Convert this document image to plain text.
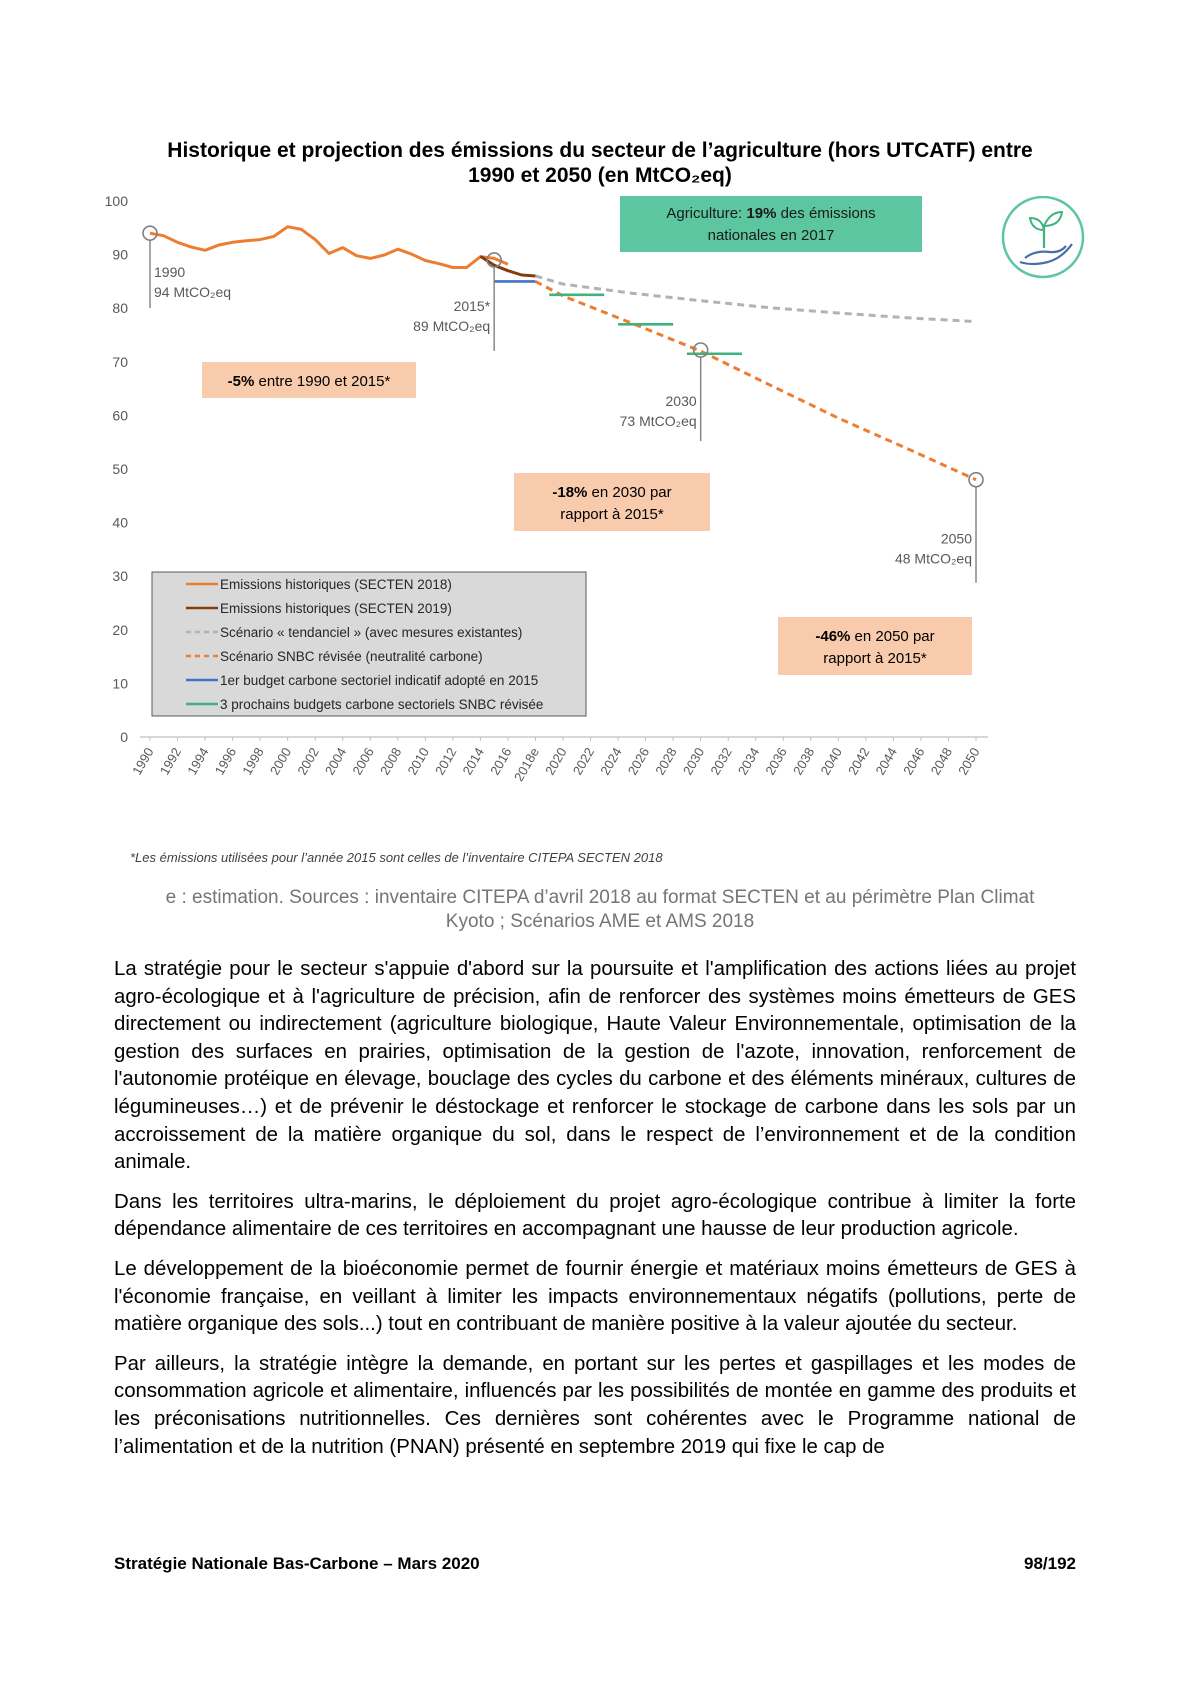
Historique et projection des émissions du secteur de l’agriculture (hors UTCATF) entre
1990 et 2050 (en MtCO₂eq)
0
10
20
30
40
50
60
70
80
90
100
1990 1992 1994 1996 1998 2000 2002 2004 2006 2008 2010 2012 2014 2016
2018e 2020 2022 2024 2026 2028 2030 2032 2034 2036 2038 2040 2042 2044 2046 2048 2050
Emissions historiques (SECTEN 2018)
Emissions historiques (SECTEN 2019)
Scénario « tendanciel » (avec mesures existantes)
Scénario SNBC révisée (neutralité carbone)
1er budget carbone sectoriel indicatif adopté en 2015
3 prochains budgets carbone sectoriels SNBC révisée
1990
94 MtCO₂eq
2015*
89 MtCO₂eq
2030
73 MtCO₂eq
2050
48 MtCO₂eq
-5% entre 1990 et 2015*
-18% en 2030 par
rapport à 2015*
-46% en 2050 par
rapport à 2015*
Agriculture: 19% des émissions
nationales en 2017
*Les émissions utilisées pour l’année 2015 sont celles de l’inventaire CITEPA SECTEN 2018
e : estimation. Sources : inventaire CITEPA d’avril 2018 au format SECTEN et au périmètre Plan Climat
Kyoto ; Scénarios AME et AMS 2018

La stratégie pour le secteur s'appuie d'abord sur la poursuite et l'amplification des actions liées au projet agro-écologique et à l'agriculture de précision, afin de renforcer des systèmes moins émetteurs de GES directement ou indirectement (agriculture biologique, Haute Valeur Environnementale, optimisation de la gestion des surfaces en prairies, optimisation de la gestion de l'azote, innovation, renforcement de l'autonomie protéique en élevage, bouclage des cycles du carbone et des éléments minéraux, cultures de légumineuses…) et de prévenir le déstockage et renforcer le stockage de carbone dans les sols par un accroissement de la matière organique du sol, dans le respect de l’environnement et de la condition animale.

Dans les territoires ultra-marins, le déploiement du projet agro-écologique contribue à limiter la forte dépendance alimentaire de ces territoires en accompagnant une hausse de leur production agricole.

Le développement de la bioéconomie permet de fournir énergie et matériaux moins émetteurs de GES à l'économie française, en veillant à limiter les impacts environnementaux négatifs (pollutions, perte de matière organique des sols...) tout en contribuant de manière positive à la valeur ajoutée du secteur.

Par ailleurs, la stratégie intègre la demande, en portant sur les pertes et gaspillages et les modes de consommation agricole et alimentaire, influencés par les possibilités de montée en gamme des produits et les préconisations nutritionnelles. Ces dernières sont cohérentes avec le Programme national de l’alimentation et de la nutrition (PNAN) présenté en septembre 2019 qui fixe le cap de

Stratégie Nationale Bas-Carbone – Mars 2020	98/192
